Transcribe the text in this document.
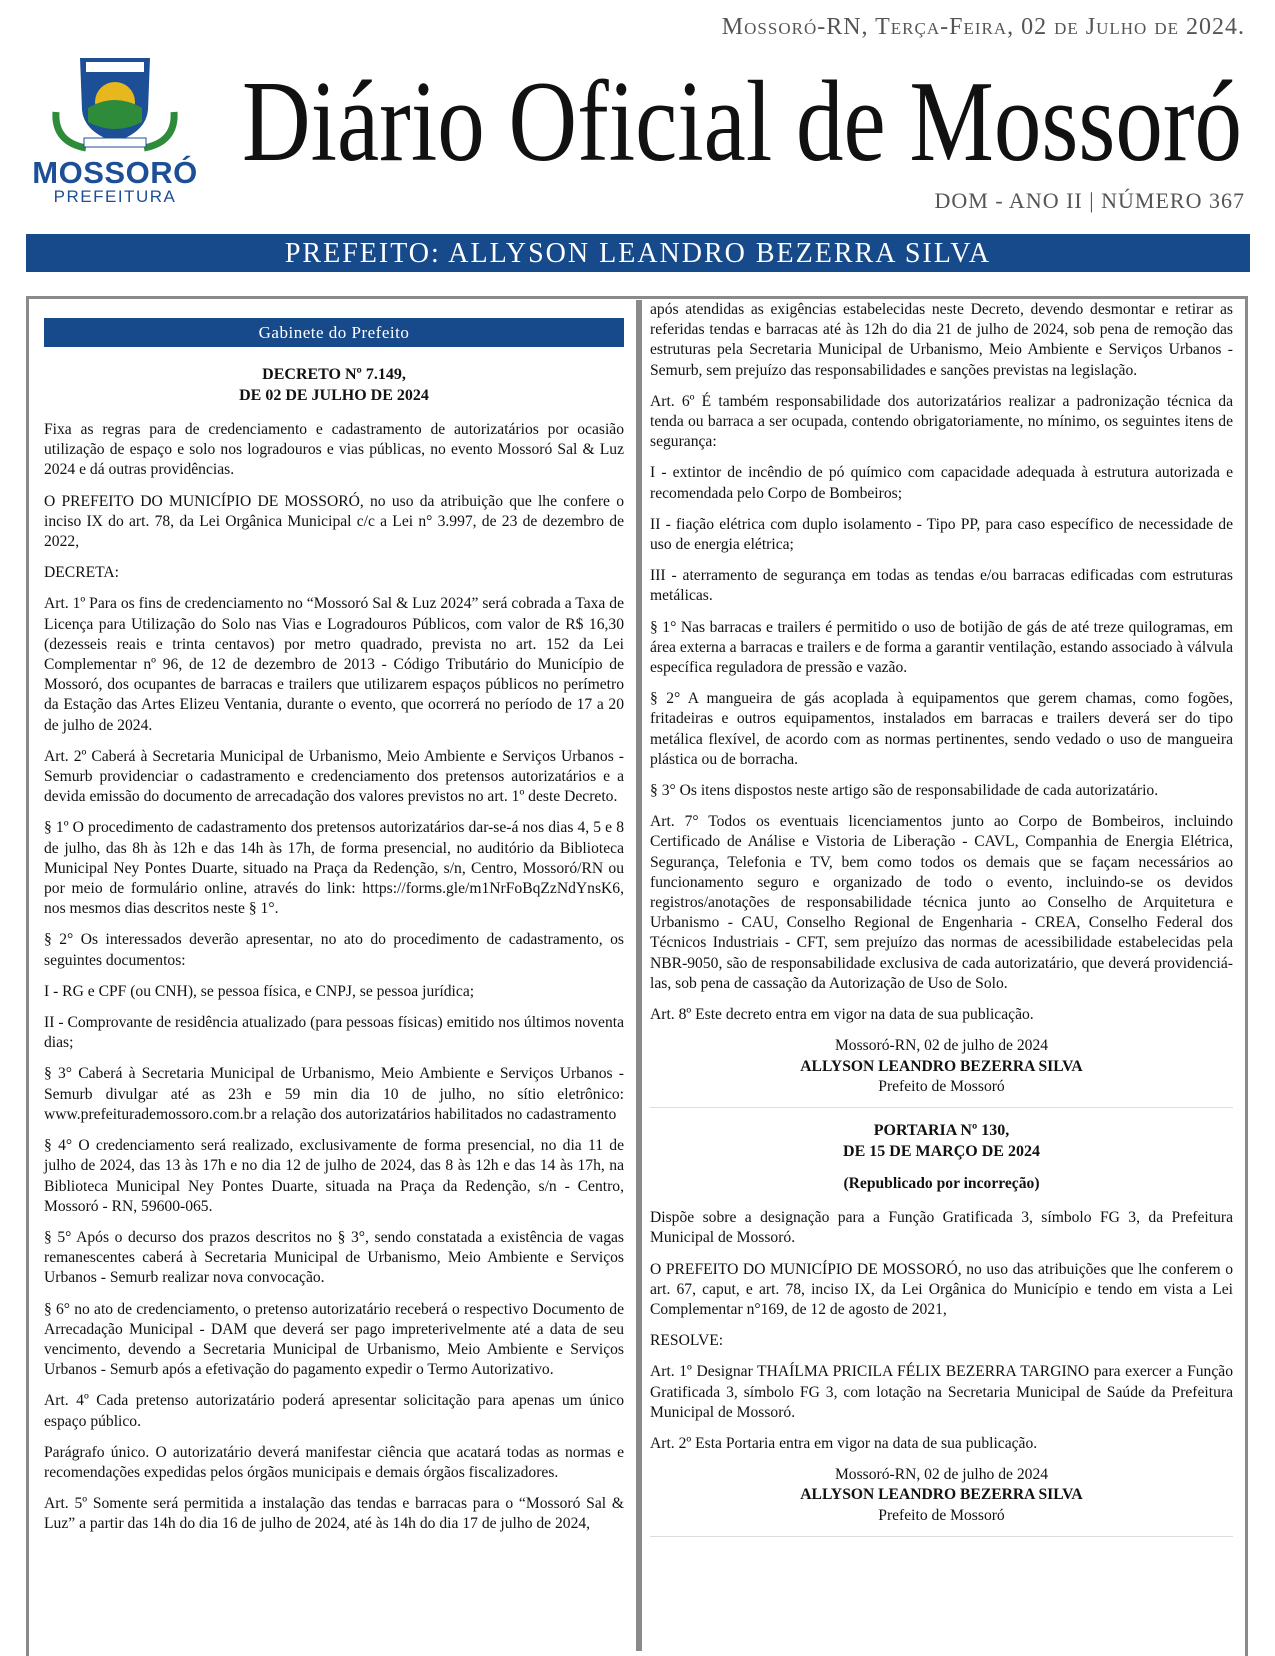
Mossoró-RN, Terça-Feira, 02 de Julho de 2024.
MOSSORÓ
PREFEITURA
Diário Oficial de Mossoró
DOM - ANO II | NÚMERO 367
PREFEITO: ALLYSON LEANDRO BEZERRA SILVA
Gabinete do Prefeito

DECRETO Nº 7.149,
DE 02 DE JULHO DE 2024

Fixa as regras para de credenciamento e cadastramento de autorizatários por ocasião utilização de espaço e solo nos logradouros e vias públicas, no evento Mossoró Sal & Luz 2024 e dá outras providências.

O PREFEITO DO MUNICÍPIO DE MOSSORÓ, no uso da atribuição que lhe confere o inciso IX do art. 78, da Lei Orgânica Municipal c/c a Lei n° 3.997, de 23 de dezembro de 2022,

DECRETA:

Art. 1º Para os fins de credenciamento no “Mossoró Sal & Luz 2024” será cobrada a Taxa de Licença para Utilização do Solo nas Vias e Logradouros Públicos, com valor de R$ 16,30 (dezesseis reais e trinta centavos) por metro quadrado, prevista no art. 152 da Lei Complementar nº 96, de 12 de dezembro de 2013 - Código Tributário do Município de Mossoró, dos ocupantes de barracas e trailers que utilizarem espaços públicos no perímetro da Estação das Artes Elizeu Ventania, durante o evento, que ocorrerá no período de 17 a 20 de julho de 2024.

Art. 2º Caberá à Secretaria Municipal de Urbanismo, Meio Ambiente e Serviços Urbanos - Semurb providenciar o cadastramento e credenciamento dos pretensos autorizatários e a devida emissão do documento de arrecadação dos valores previstos no art. 1º deste Decreto.

§ 1º O procedimento de cadastramento dos pretensos autorizatários dar-se-á nos dias 4, 5 e 8 de julho, das 8h às 12h e das 14h às 17h, de forma presencial, no auditório da Biblioteca Municipal Ney Pontes Duarte, situado na Praça da Redenção, s/n, Centro, Mossoró/RN ou por meio de formulário online, através do link: https://forms.gle/m1NrFoBqZzNdYnsK6, nos mesmos dias descritos neste § 1°.

§ 2° Os interessados deverão apresentar, no ato do procedimento de cadastramento, os seguintes documentos:

I - RG e CPF (ou CNH), se pessoa física, e CNPJ, se pessoa jurídica;

II - Comprovante de residência atualizado (para pessoas físicas) emitido nos últimos noventa dias;

§ 3° Caberá à Secretaria Municipal de Urbanismo, Meio Ambiente e Serviços Urbanos - Semurb divulgar até as 23h e 59 min dia 10 de julho, no sítio eletrônico: www.prefeiturademossoro.com.br a relação dos autorizatários habilitados no cadastramento

§ 4° O credenciamento será realizado, exclusivamente de forma presencial, no dia 11 de julho de 2024, das 13 às 17h e no dia 12 de julho de 2024, das 8 às 12h e das 14 às 17h, na Biblioteca Municipal Ney Pontes Duarte, situada na Praça da Redenção, s/n - Centro, Mossoró - RN, 59600-065.

§ 5° Após o decurso dos prazos descritos no § 3°, sendo constatada a existência de vagas remanescentes caberá à Secretaria Municipal de Urbanismo, Meio Ambiente e Serviços Urbanos - Semurb realizar nova convocação.

§ 6° no ato de credenciamento, o pretenso autorizatário receberá o respectivo Documento de Arrecadação Municipal - DAM que deverá ser pago impreterivelmente até a data de seu vencimento, devendo a Secretaria Municipal de Urbanismo, Meio Ambiente e Serviços Urbanos - Semurb após a efetivação do pagamento expedir o Termo Autorizativo.

Art. 4º Cada pretenso autorizatário poderá apresentar solicitação para apenas um único espaço público.

Parágrafo único. O autorizatário deverá manifestar ciência que acatará todas as normas e recomendações expedidas pelos órgãos municipais e demais órgãos fiscalizadores.

Art. 5º Somente será permitida a instalação das tendas e barracas para o “Mossoró Sal & Luz” a partir das 14h do dia 16 de julho de 2024, até às 14h do dia 17 de julho de 2024,

após atendidas as exigências estabelecidas neste Decreto, devendo desmontar e retirar as referidas tendas e barracas até às 12h do dia 21 de julho de 2024, sob pena de remoção das estruturas pela Secretaria Municipal de Urbanismo, Meio Ambiente e Serviços Urbanos - Semurb, sem prejuízo das responsabilidades e sanções previstas na legislação.

Art. 6º É também responsabilidade dos autorizatários realizar a padronização técnica da tenda ou barraca a ser ocupada, contendo obrigatoriamente, no mínimo, os seguintes itens de segurança:

I - extintor de incêndio de pó químico com capacidade adequada à estrutura autorizada e recomendada pelo Corpo de Bombeiros;

II - fiação elétrica com duplo isolamento - Tipo PP, para caso específico de necessidade de uso de energia elétrica;

III - aterramento de segurança em todas as tendas e/ou barracas edificadas com estruturas metálicas.

§ 1° Nas barracas e trailers é permitido o uso de botijão de gás de até treze quilogramas, em área externa a barracas e trailers e de forma a garantir ventilação, estando associado à válvula específica reguladora de pressão e vazão.

§ 2° A mangueira de gás acoplada à equipamentos que gerem chamas, como fogões, fritadeiras e outros equipamentos, instalados em barracas e trailers deverá ser do tipo metálica flexível, de acordo com as normas pertinentes, sendo vedado o uso de mangueira plástica ou de borracha.

§ 3° Os itens dispostos neste artigo são de responsabilidade de cada autorizatário.

Art. 7° Todos os eventuais licenciamentos junto ao Corpo de Bombeiros, incluindo Certificado de Análise e Vistoria de Liberação - CAVL, Companhia de Energia Elétrica, Segurança, Telefonia e TV, bem como todos os demais que se façam necessários ao funcionamento seguro e organizado de todo o evento, incluindo-se os devidos registros/anotações de responsabilidade técnica junto ao Conselho de Arquitetura e Urbanismo - CAU, Conselho Regional de Engenharia - CREA, Conselho Federal dos Técnicos Industriais - CFT, sem prejuízo das normas de acessibilidade estabelecidas pela NBR-9050, são de responsabilidade exclusiva de cada autorizatário, que deverá providenciá-las, sob pena de cassação da Autorização de Uso de Solo.

Art. 8º Este decreto entra em vigor na data de sua publicação.

Mossoró-RN, 02 de julho de 2024

ALLYSON LEANDRO BEZERRA SILVA

Prefeito de Mossoró

PORTARIA Nº 130,
DE 15 DE MARÇO DE 2024

(Republicado por incorreção)

Dispõe sobre a designação para a Função Gratificada 3, símbolo FG 3, da Prefeitura Municipal de Mossoró.

O PREFEITO DO MUNICÍPIO DE MOSSORÓ, no uso das atribuições que lhe conferem o art. 67, caput, e art. 78, inciso IX, da Lei Orgânica do Município e tendo em vista a Lei Complementar n°169, de 12 de agosto de 2021,

RESOLVE:

Art. 1º Designar THAÍLMA PRICILA FÉLIX BEZERRA TARGINO para exercer a Função Gratificada 3, símbolo FG 3, com lotação na Secretaria Municipal de Saúde da Prefeitura Municipal de Mossoró.

Art. 2º Esta Portaria entra em vigor na data de sua publicação.

Mossoró-RN, 02 de julho de 2024

ALLYSON LEANDRO BEZERRA SILVA

Prefeito de Mossoró
